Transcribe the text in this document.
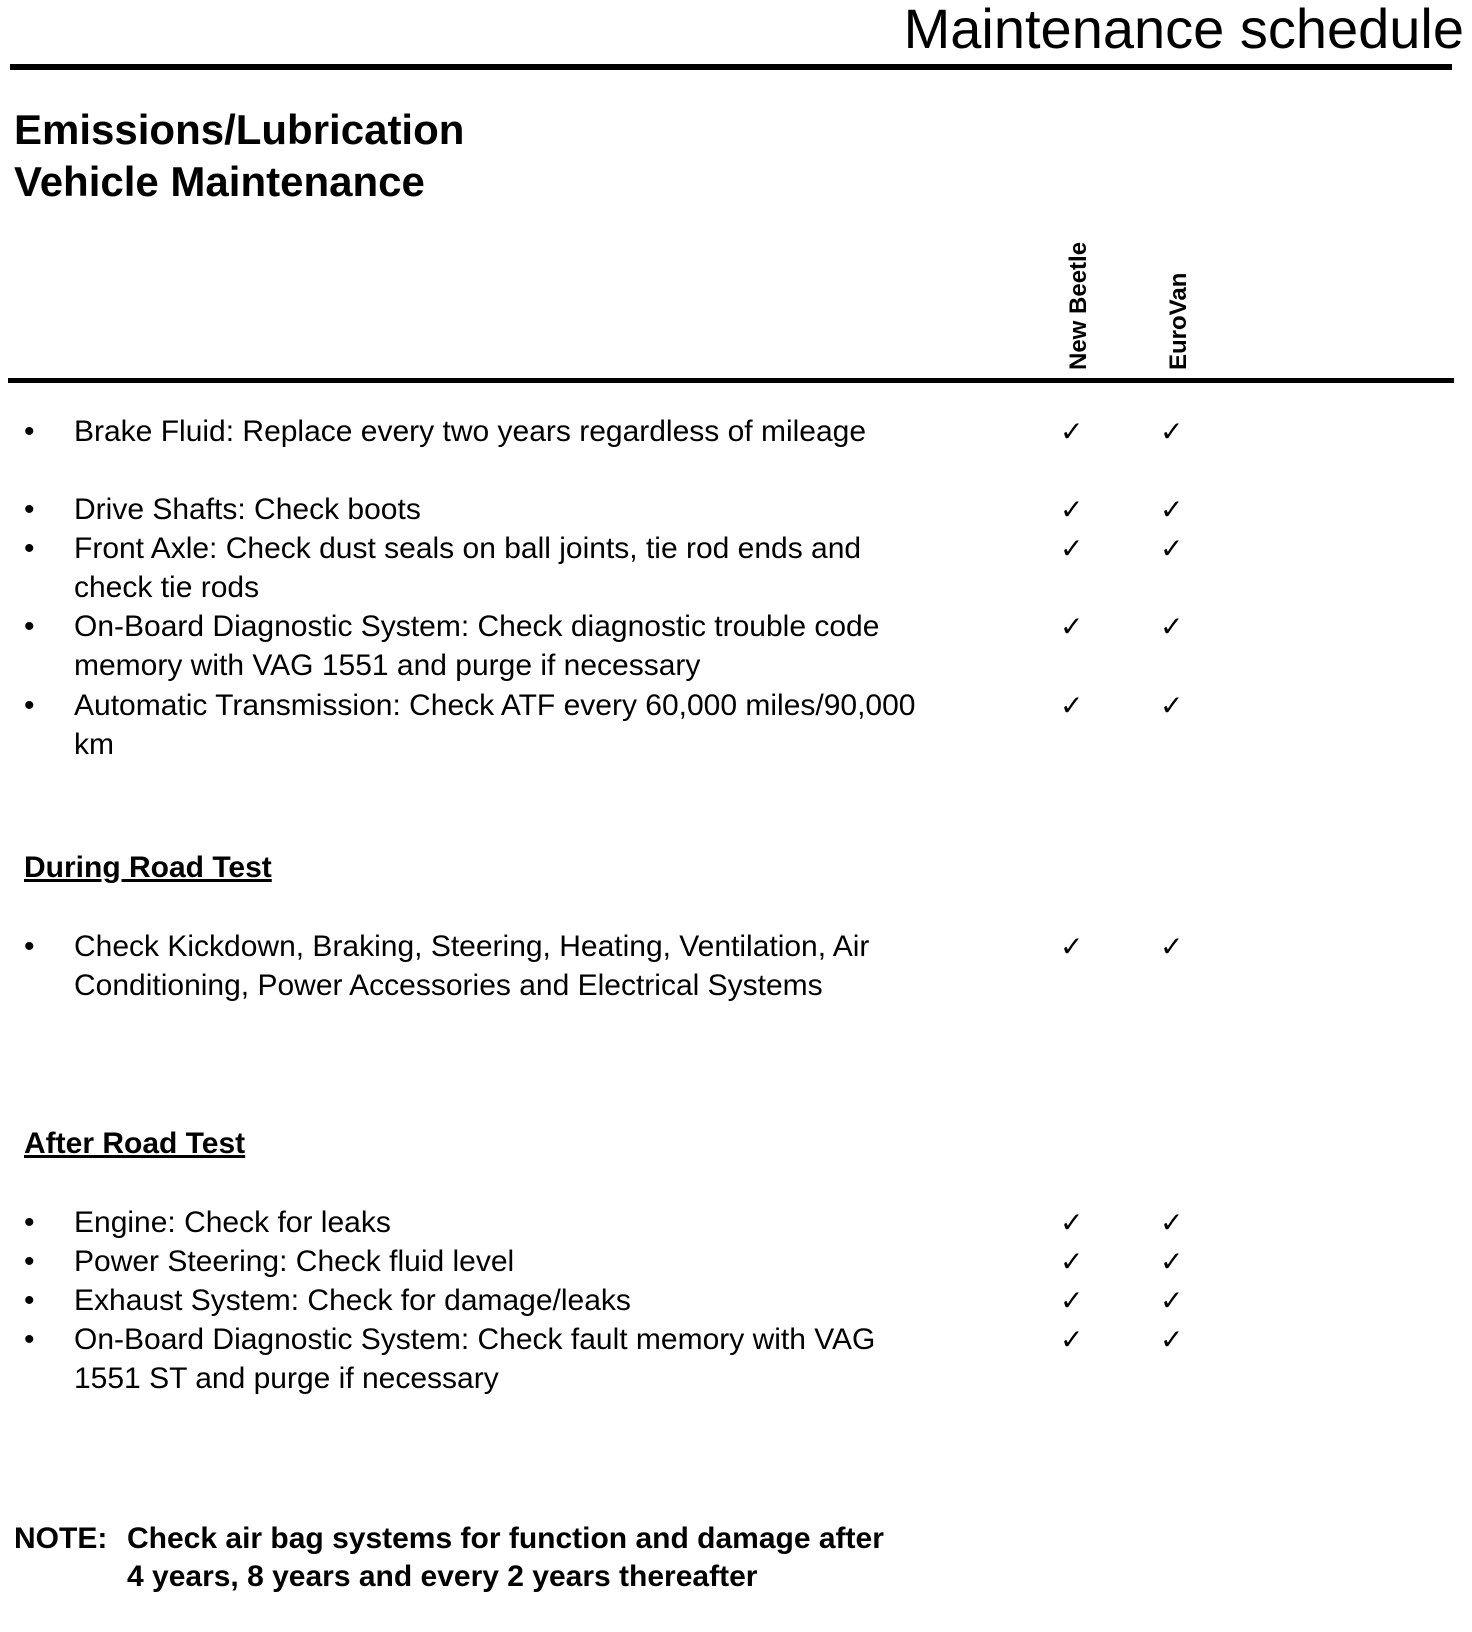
Maintenance schedule
Emissions/Lubrication
Vehicle Maintenance
New Beetle	EuroVan
• Brake Fluid: Replace every two years regardless of mileage	✓	✓
• Drive Shafts: Check boots	✓	✓
• Front Axle: Check dust seals on ball joints, tie rod ends and check tie rods
✓	✓
• On-Board Diagnostic System: Check diagnostic trouble code memory with VAG 1551 and purge if necessary
✓	✓
• Automatic Transmission: Check ATF every 60,000 miles/90,000 km
✓	✓
During Road Test
• Check Kickdown, Braking, Steering, Heating, Ventilation, Air Conditioning, Power Accessories and Electrical Systems
✓	✓
After Road Test
• Engine: Check for leaks	✓	✓
• Power Steering: Check fluid level	✓	✓
• Exhaust System: Check for damage/leaks	✓	✓
• On-Board Diagnostic System: Check fault memory with VAG 1551 ST and purge if necessary
✓	✓
NOTE: Check air bag systems for function and damage after 4 years, 8 years and every 2 years thereafter
